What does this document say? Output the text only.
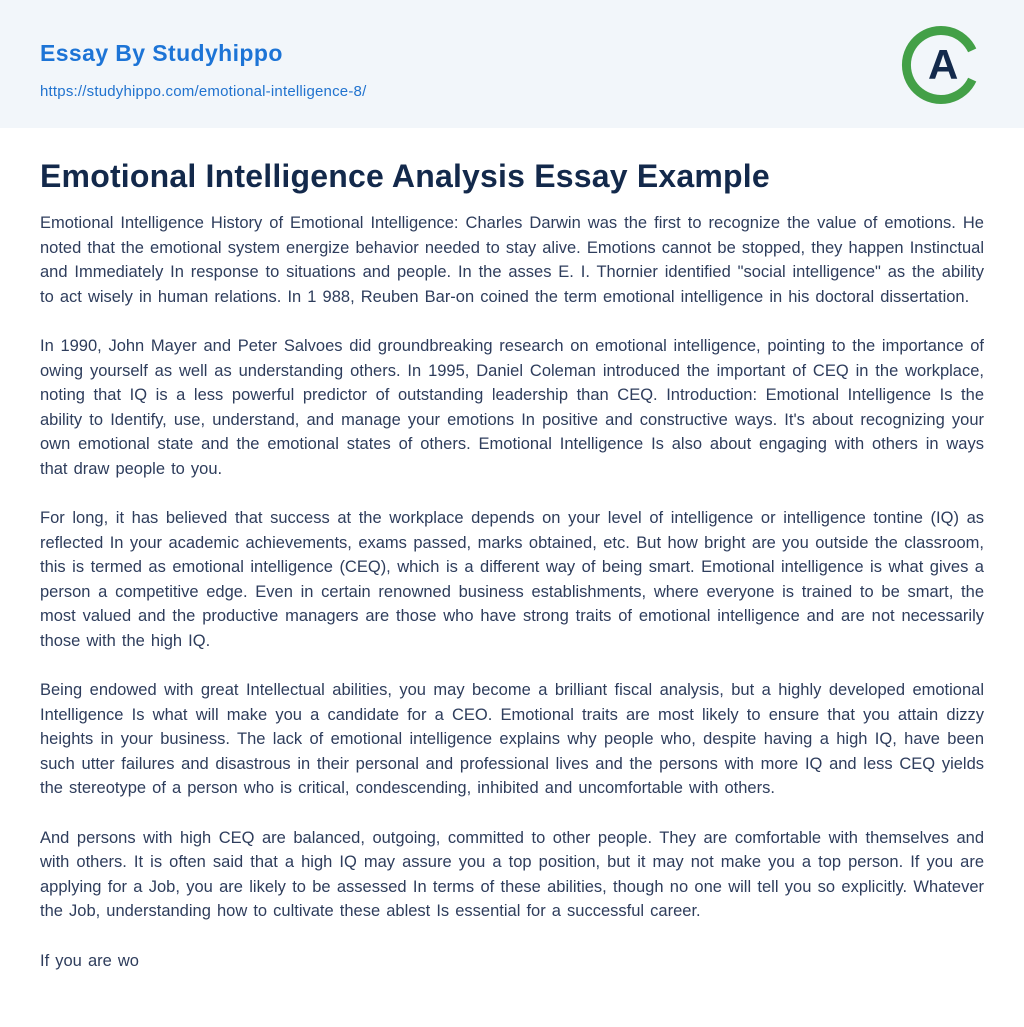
Essay By Studyhippo
https://studyhippo.com/emotional-intelligence-8/
A
Emotional Intelligence Analysis Essay Example

Emotional Intelligence History of Emotional Intelligence: Charles Darwin was the first to recognize the value of emotions. He noted that the emotional system energize behavior needed to stay alive. Emotions cannot be stopped, they happen Instinctual and Immediately In response to situations and people. In the asses E. I. Thornier identified "social intelligence" as the ability to act wisely in human relations. In 1 988, Reuben Bar-on coined the term emotional intelligence in his doctoral dissertation.

In 1990, John Mayer and Peter Salvoes did groundbreaking research on emotional intelligence, pointing to the importance of owing yourself as well as understanding others. In 1995, Daniel Coleman introduced the important of CEQ in the workplace, noting that IQ is a less powerful predictor of outstanding leadership than CEQ. Introduction: Emotional Intelligence Is the ability to Identify, use, understand, and manage your emotions In positive and constructive ways. It's about recognizing your own emotional state and the emotional states of others. Emotional Intelligence Is also about engaging with others in ways that draw people to you.

For long, it has believed that success at the workplace depends on your level of intelligence or intelligence tontine (IQ) as reflected In your academic achievements, exams passed, marks obtained, etc. But how bright are you outside the classroom, this is termed as emotional intelligence (CEQ), which is a different way of being smart. Emotional intelligence is what gives a person a competitive edge. Even in certain renowned business establishments, where everyone is trained to be smart, the most valued and the productive managers are those who have strong traits of emotional intelligence and are not necessarily those with the high IQ.

Being endowed with great Intellectual abilities, you may become a brilliant fiscal analysis, but a highly developed emotional Intelligence Is what will make you a candidate for a CEO. Emotional traits are most likely to ensure that you attain dizzy heights in your business. The lack of emotional intelligence explains why people who, despite having a high IQ, have been such utter failures and disastrous in their personal and professional lives and the persons with more IQ and less CEQ yields the stereotype of a person who is critical, condescending, inhibited and uncomfortable with others.

And persons with high CEQ are balanced, outgoing, committed to other people. They are comfortable with themselves and with others. It is often said that a high IQ may assure you a top position, but it may not make you a top person. If you are applying for a Job, you are likely to be assessed In terms of these abilities, though no one will tell you so explicitly. Whatever the Job, understanding how to cultivate these ablest Is essential for a successful career.

If you are wo
